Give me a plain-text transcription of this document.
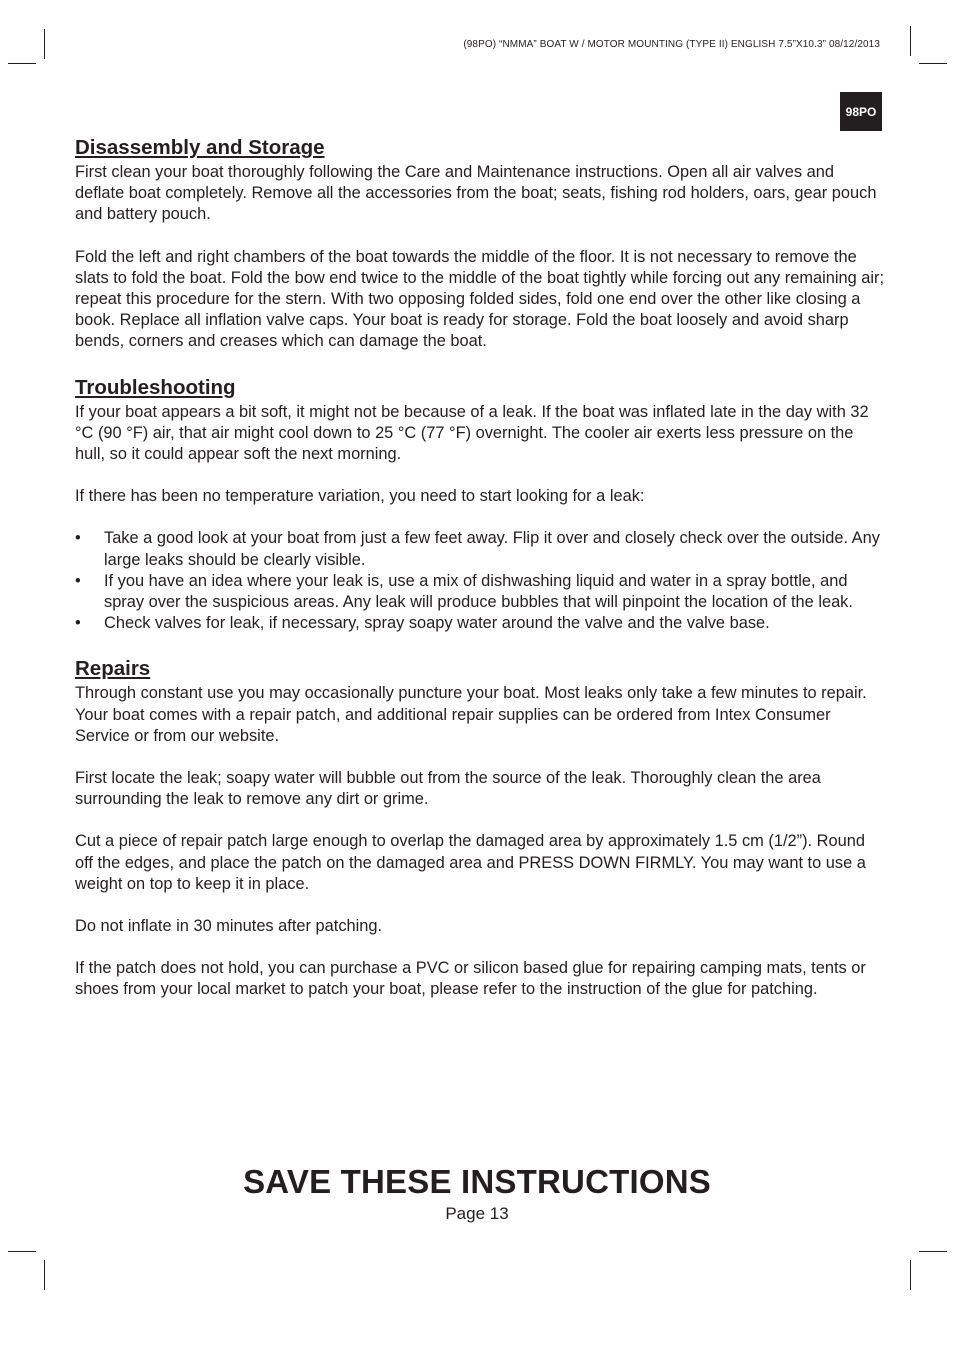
(98PO) “NMMA” BOAT W / MOTOR MOUNTING (TYPE II) ENGLISH 7.5”X10.3” 08/12/2013
98PO
Disassembly and Storage

First clean your boat thoroughly following the Care and Maintenance instructions. Open all air valves and deflate boat completely. Remove all the accessories from the boat; seats, fishing rod holders, oars, gear pouch and battery pouch.

Fold the left and right chambers of the boat towards the middle of the floor. It is not necessary to remove the slats to fold the boat. Fold the bow end twice to the middle of the boat tightly while forcing out any remaining air; repeat this procedure for the stern. With two opposing folded sides, fold one end over the other like closing a book. Replace all inflation valve caps. Your boat is ready for storage. Fold the boat loosely and avoid sharp bends, corners and creases which can damage the boat.

Troubleshooting

If your boat appears a bit soft, it might not be because of a leak. If the boat was inflated late in the day with 32 °C (90 °F) air, that air might cool down to 25 °C (77 °F) overnight. The cooler air exerts less pressure on the hull, so it could appear soft the next morning.

If there has been no temperature variation, you need to start looking for a leak:

•	Take a good look at your boat from just a few feet away. Flip it over and closely check over the outside. Any large leaks should be clearly visible.
•	If you have an idea where your leak is, use a mix of dishwashing liquid and water in a spray bottle, and spray over the suspicious areas. Any leak will produce bubbles that will pinpoint the location of the leak.
•	Check valves for leak, if necessary, spray soapy water around the valve and the valve base.
Repairs

Through constant use you may occasionally puncture your boat. Most leaks only take a few minutes to repair. Your boat comes with a repair patch, and additional repair supplies can be ordered from Intex Consumer Service or from our website.

First locate the leak; soapy water will bubble out from the source of the leak. Thoroughly clean the area surrounding the leak to remove any dirt or grime.

Cut a piece of repair patch large enough to overlap the damaged area by approximately 1.5 cm (1/2”). Round off the edges, and place the patch on the damaged area and PRESS DOWN FIRMLY. You may want to use a weight on top to keep it in place.

Do not inflate in 30 minutes after patching.

If the patch does not hold, you can purchase a PVC or silicon based glue for repairing camping mats, tents or shoes from your local market to patch your boat, please refer to the instruction of the glue for patching.

SAVE THESE INSTRUCTIONS
Page 13
